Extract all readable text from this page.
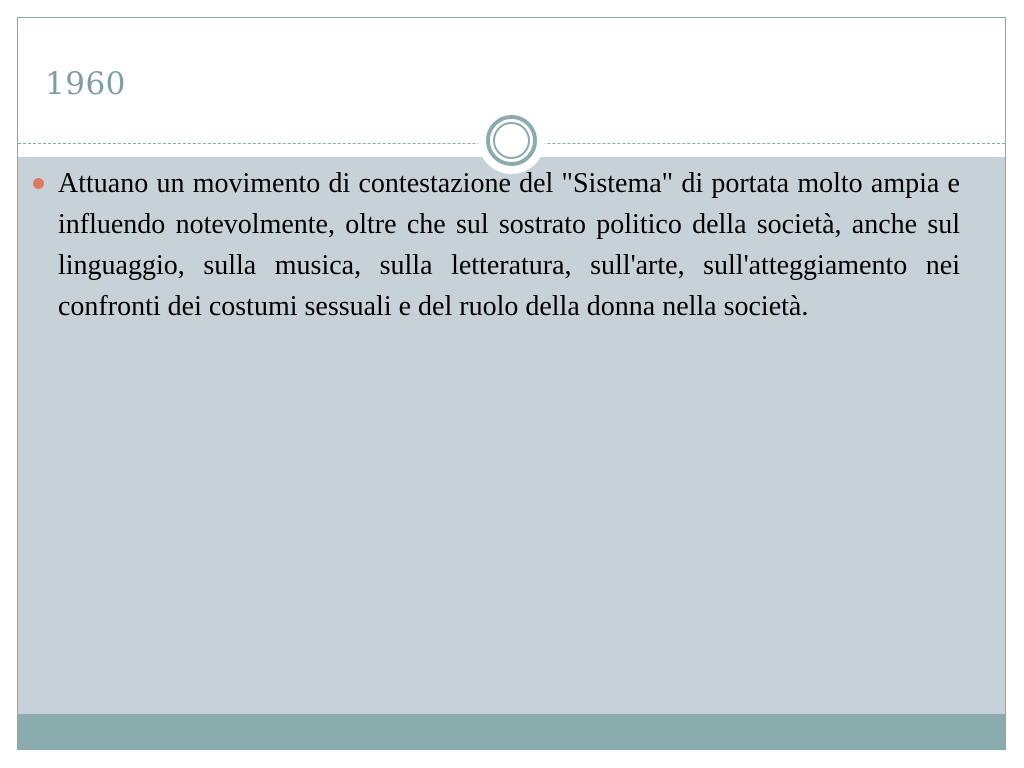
1960
Attuano un movimento di contestazione del "Sistema" di portata molto ampia e influendo notevolmente, oltre che sul sostrato politico della società, anche sul linguaggio, sulla musica, sulla letteratura, sull'arte, sull'atteggiamento nei confronti dei costumi sessuali e del ruolo della donna nella società.
